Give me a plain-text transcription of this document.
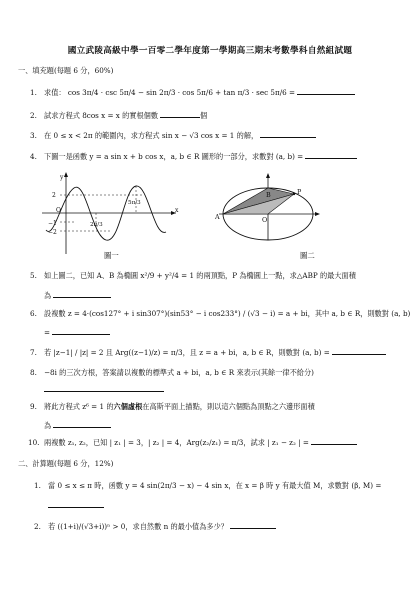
國立武陵高級中學一百零二學年度第一學期高三期末考數學科自然組試題
一、填充題(每題 6 分，60%)
1. 求值： cos 3π/4 · csc 5π/4 − sin 2π/3 · cos 5π/6 + tan π/3 · sec 5π/6 =
2. 試求方程式 8cos x = x 的實根個數	個
3. 在 0 ≤ x < 2π 的範圍內，求方程式 sin x − √3 cos x = 1 的解，
4. 下圖一是函數 y = a sin x + b cos x，a, b ∈ R 圖形的一部分，求數對 (a, b) =
y
x
O
2
−1
−2
5π/3
2π/3
圖一
P
A
B
O
圖二
5. 如上圖二，已知 A、B 為橢圓 x²/9 + y²/4 = 1 的兩頂點，P 為橢圓上一點，求△ABP 的最大面積
為
6. 設複數 z = 4·(cos127° + i sin307°)(sin53° − i cos233°) / (√3 − i) = a + bi，其中 a, b ∈ R，則數對 (a, b)
=
7. 若 |z−1| / |z| = 2 且 Arg((z−1)/z) = π/3，且 z = a + bi，a, b ∈ R，則數對 (a, b) =
8. −8i 的三次方根，答案請以複數的標準式 a + bi，a, b ∈ R 來表示(其餘一律不給分)
9. 將此方程式 z⁶ = 1 的六個虛根在高斯平面上描點，則以這六個點為頂點之六邊形面積
為
10. 兩複數 z₁, z₂，已知 | z₁ | = 3，| z₂ | = 4，Arg(z₂/z₁) = π/3，試求 | z₁ − z₂ | =
二、計算題(每題 6 分，12%)
1. 當 0 ≤ x ≤ π 時，函數 y = 4 sin(2π/3 − x) − 4 sin x，在 x = β 時 y 有最大值 M，求數對 (β, M) =
2. 若 ((1+i)/(√3+i))ⁿ > 0，求自然數 n 的最小值為多少？
